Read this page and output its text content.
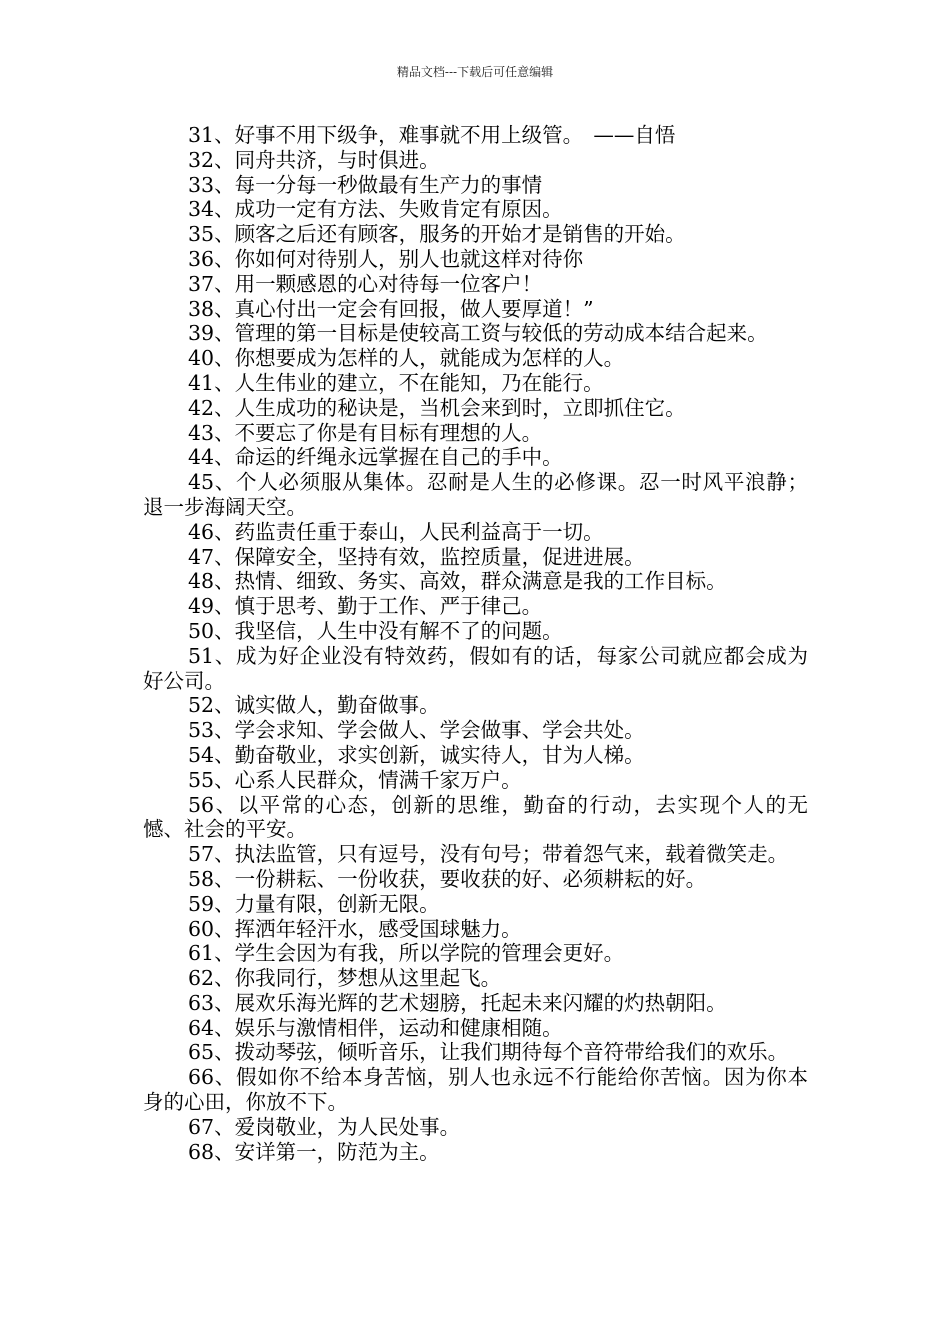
精品文档---下载后可任意编辑

31、好事不用下级争，难事就不用上级管。　——自悟

32、同舟共济，与时俱进。

33、每一分每一秒做最有生产力的事情

34、成功一定有方法、失败肯定有原因。

35、顾客之后还有顾客，服务的开始才是销售的开始。

36、你如何对待别人，别人也就这样对待你

37、用一颗感恩的心对待每一位客户！

38、真心付出一定会有回报，做人要厚道！”

39、管理的第一目标是使较高工资与较低的劳动成本结合起来。

40、你想要成为怎样的人，就能成为怎样的人。

41、人生伟业的建立，不在能知，乃在能行。

42、人生成功的秘诀是，当机会来到时，立即抓住它。

43、不要忘了你是有目标有理想的人。

44、命运的纤绳永远掌握在自己的手中。

45、个人必须服从集体。忍耐是人生的必修课。忍一时风平浪静；退一步海阔天空。

46、药监责任重于泰山，人民利益高于一切。

47、保障安全，坚持有效，监控质量，促进进展。

48、热情、细致、务实、高效，群众满意是我的工作目标。

49、慎于思考、勤于工作、严于律己。

50、我坚信，人生中没有解不了的问题。

51、成为好企业没有特效药，假如有的话，每家公司就应都会成为好公司。

52、诚实做人，勤奋做事。

53、学会求知、学会做人、学会做事、学会共处。

54、勤奋敬业，求实创新，诚实待人，甘为人梯。

55、心系人民群众，情满千家万户。

56、以平常的心态，创新的思维，勤奋的行动，去实现个人的无憾、社会的平安。

57、执法监管，只有逗号，没有句号；带着怨气来，载着微笑走。

58、一份耕耘、一份收获，要收获的好、必须耕耘的好。

59、力量有限，创新无限。

60、挥洒年轻汗水，感受国球魅力。

61、学生会因为有我，所以学院的管理会更好。

62、你我同行，梦想从这里起飞。

63、展欢乐海光辉的艺术翅膀，托起未来闪耀的灼热朝阳。

64、娱乐与激情相伴，运动和健康相随。

65、拨动琴弦，倾听音乐，让我们期待每个音符带给我们的欢乐。

66、假如你不给本身苦恼，别人也永远不行能给你苦恼。因为你本身的心田，你放不下。

67、爱岗敬业，为人民处事。

68、安详第一，防范为主。
